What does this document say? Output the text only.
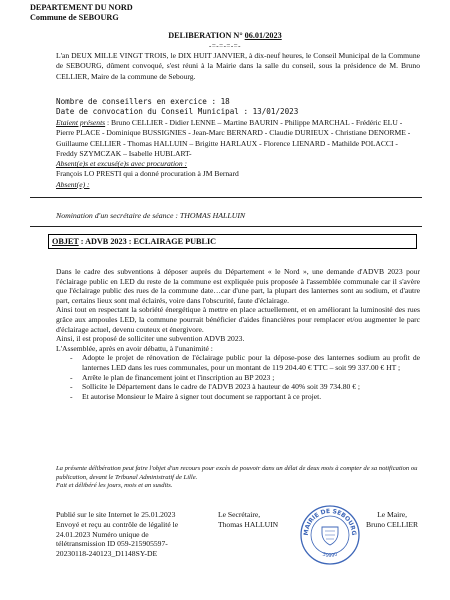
DEPARTEMENT DU NORD
Commune de SEBOURG
DELIBERATION N° 06.01/2023
-=-=-=-=-
L'an DEUX MILLE VINGT TROIS, le DIX HUIT JANVIER, à dix-neuf heures, le Conseil Municipal de la Commune de SEBOURG, dûment convoqué, s'est réuni à la Mairie dans la salle du conseil, sous la présidence de M. Bruno CELLIER, Maire de la commune de Sebourg.
Nombre de conseillers en exercice : 18
Date de convocation du Conseil Municipal : 13/01/2023
Etaient présents : Bruno CELLIER - Didier LENNE – Martine BAURIN - Philippe MARCHAL - Frédéric ELU - Pierre PLACE - Dominique BUSSIGNIES - Jean-Marc BERNARD - Claudie DURIEUX - Christiane DENORME - Guillaume CELLIER - Thomas HALLUIN – Brigitte HARLAUX - Florence LIENARD - Mathilde POLACCI - Freddy SZYMCZAK – Isabelle HUBLART-
Absent(e)s et excusé(e)s avec procuration :
François LO PRESTI qui a donné procuration à JM Bernard
Absent(e) :
Nomination d'un secrétaire de séance : THOMAS HALLUIN
OBJET : ADVB 2023 : ECLAIRAGE PUBLIC

Dans le cadre des subventions à déposer auprès du Département « le Nord », une demande d'ADVB 2023 pour l'éclairage public en LED du reste de la commune est expliquée puis proposée à l'assemblée communale car il s'avère que l'éclairage public des rues de la commune date…car d'une part, la plupart des lanternes sont au sodium, et d'autre part, certains lieux sont mal éclairés, voire dans l'obscurité, faute d'éclairage.

Ainsi tout en respectant la sobriété énergétique à mettre en place actuellement, et en améliorant la luminosité des rues grâce aux ampoules LED, la commune pourrait bénéficier d'aides financières pour remplacer et/ou augmenter le parc d'éclairage actuel, devenu couteux et énergivore.

Ainsi, il est proposé de solliciter une subvention ADVB 2023.

L'Assemblée, après en avoir débattu, à l'unanimité :

- Adopte le projet de rénovation de l'éclairage public pour la dépose-pose des lanternes sodium au profit de lanternes LED dans les rues communales, pour un montant de 119 204.40 € TTC – soit 99 337.00 € HT ;
- Arrête le plan de financement joint et l'inscription au BP 2023 ;
- Sollicite le Département dans le cadre de l'ADVB 2023 à hauteur de 40% soit 39 734.80 € ;
- Et autorise Monsieur le Maire à signer tout document se rapportant à ce projet.
La présente délibération peut faire l'objet d'un recours pour excès de pouvoir dans un délai de deux mois à compter de sa notification ou publication, devant le Tribunal Administratif de Lille.
Fait et délibéré les jours, mois et an susdits.
Publié sur le site Internet le 25.01.2023
Envoyé et reçu au contrôle de légalité le
24.01.2023 Numéro unique de
télétransmission ID 059-215905597-
20230118-240123_D1148SY-DE
Le Secrétaire,
Thomas HALLUIN
MAIRIE DE SEBOURG
59990
Le Maire,
Bruno CELLIER
